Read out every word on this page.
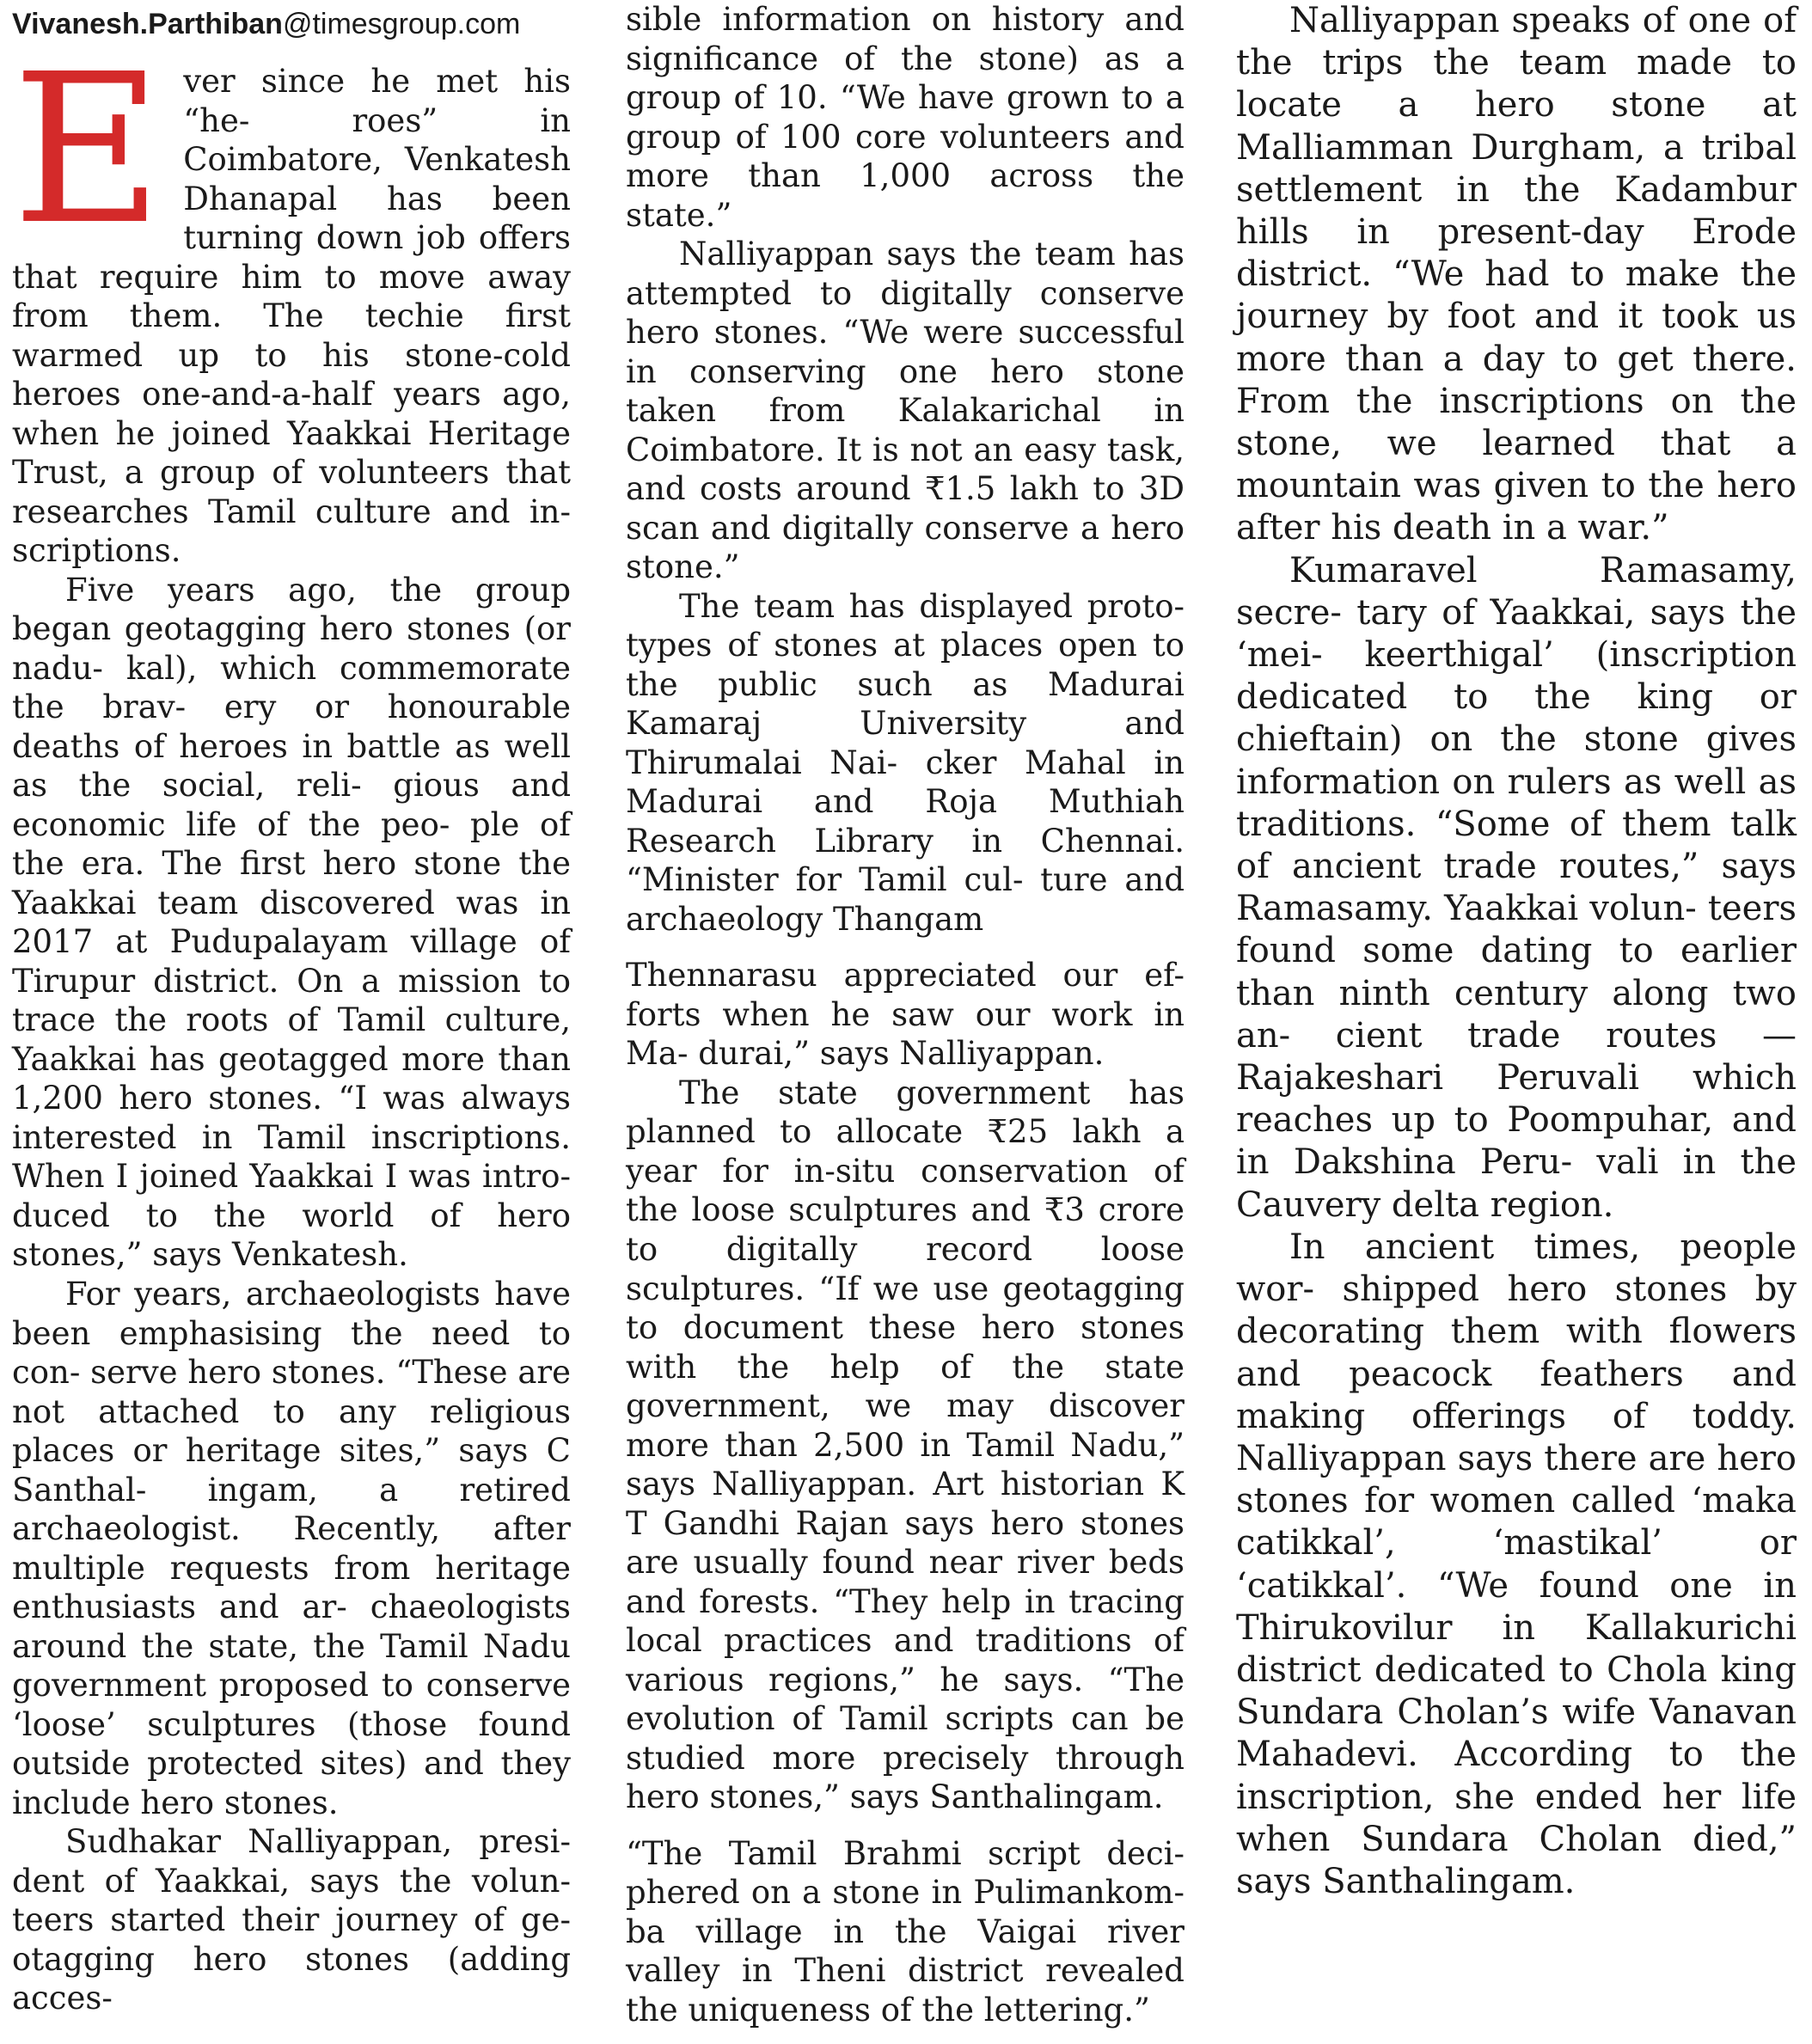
Vivanesh.Parthiban@timesgroup.com

Ever since he met his “he- roes” in Coimbatore, Venkatesh Dhanapal has been turning down job offers that require him to move away from them. The techie first warmed up to his stone-cold heroes one-and-a-half years ago, when he joined Yaakkai Heritage Trust, a group of volunteers that researches Tamil culture and in- scriptions.

Five years ago, the group began geotagging hero stones (or nadu- kal), which commemorate the brav- ery or honourable deaths of heroes in battle as well as the social, reli- gious and economic life of the peo- ple of the era. The first hero stone the Yaakkai team discovered was in 2017 at Pudupalayam village of Tirupur district. On a mission to trace the roots of Tamil culture, Yaakkai has geotagged more than 1,200 hero stones. “I was always interested in Tamil inscriptions. When I joined Yaakkai I was intro- duced to the world of hero stones,” says Venkatesh.

For years, archaeologists have been emphasising the need to con- serve hero stones. “These are not attached to any religious places or heritage sites,” says C Santhal- ingam, a retired archaeologist. Recently, after multiple requests from heritage enthusiasts and ar- chaeologists around the state, the Tamil Nadu government proposed to conserve ‘loose’ sculptures (those found outside protected sites) and they include hero stones.

Sudhakar Nalliyappan, presi- dent of Yaakkai, says the volun- teers started their journey of ge- otagging hero stones (adding acces-

sible information on history and significance of the stone) as a group of 10. “We have grown to a group of 100 core volunteers and more than 1,000 across the state.”

Nalliyappan says the team has attempted to digitally conserve hero stones. “We were successful in conserving one hero stone taken from Kalakarichal in Coimbatore. It is not an easy task, and costs around ₹1.5 lakh to 3D scan and digitally conserve a hero stone.”

The team has displayed proto- types of stones at places open to the public such as Madurai Kamaraj University and Thirumalai Nai- cker Mahal in Madurai and Roja Muthiah Research Library in Chennai. “Minister for Tamil cul- ture and archaeology Thangam

Thennarasu appreciated our ef- forts when he saw our work in Ma- durai,” says Nalliyappan.

The state government has planned to allocate ₹25 lakh a year for in-situ conservation of the loose sculptures and ₹3 crore to digitally record loose sculptures. “If we use geotagging to document these hero stones with the help of the state government, we may discover more than 2,500 in Tamil Nadu,” says Nalliyappan. Art historian K T Gandhi Rajan says hero stones are usually found near river beds and forests. “They help in tracing local practices and traditions of various regions,” he says. “The evolution of Tamil scripts can be studied more precisely through hero stones,” says Santhalingam.

“The Tamil Brahmi script deci- phered on a stone in Pulimankom- ba village in the Vaigai river valley in Theni district revealed the uniqueness of the lettering.”

Nalliyappan speaks of one of the trips the team made to locate a hero stone at Malliamman Durgham, a tribal settlement in the Kadambur hills in present-day Erode district. “We had to make the journey by foot and it took us more than a day to get there. From the inscriptions on the stone, we learned that a mountain was given to the hero after his death in a war.”

Kumaravel Ramasamy, secre- tary of Yaakkai, says the ‘mei- keerthigal’ (inscription dedicated to the king or chieftain) on the stone gives information on rulers as well as traditions. “Some of them talk of ancient trade routes,” says Ramasamy. Yaakkai volun- teers found some dating to earlier than ninth century along two an- cient trade routes — Rajakeshari Peruvali which reaches up to Poompuhar, and in Dakshina Peru- vali in the Cauvery delta region.

In ancient times, people wor- shipped hero stones by decorating them with flowers and peacock feathers and making offerings of toddy. Nalliyappan says there are hero stones for women called ‘maka catikkal’, ‘mastikal’ or ‘catikkal’. “We found one in Thirukovilur in Kallakurichi district dedicated to Chola king Sundara Cholan’s wife Vanavan Mahadevi. According to the inscription, she ended her life when Sundara Cholan died,” says Santhalingam.
